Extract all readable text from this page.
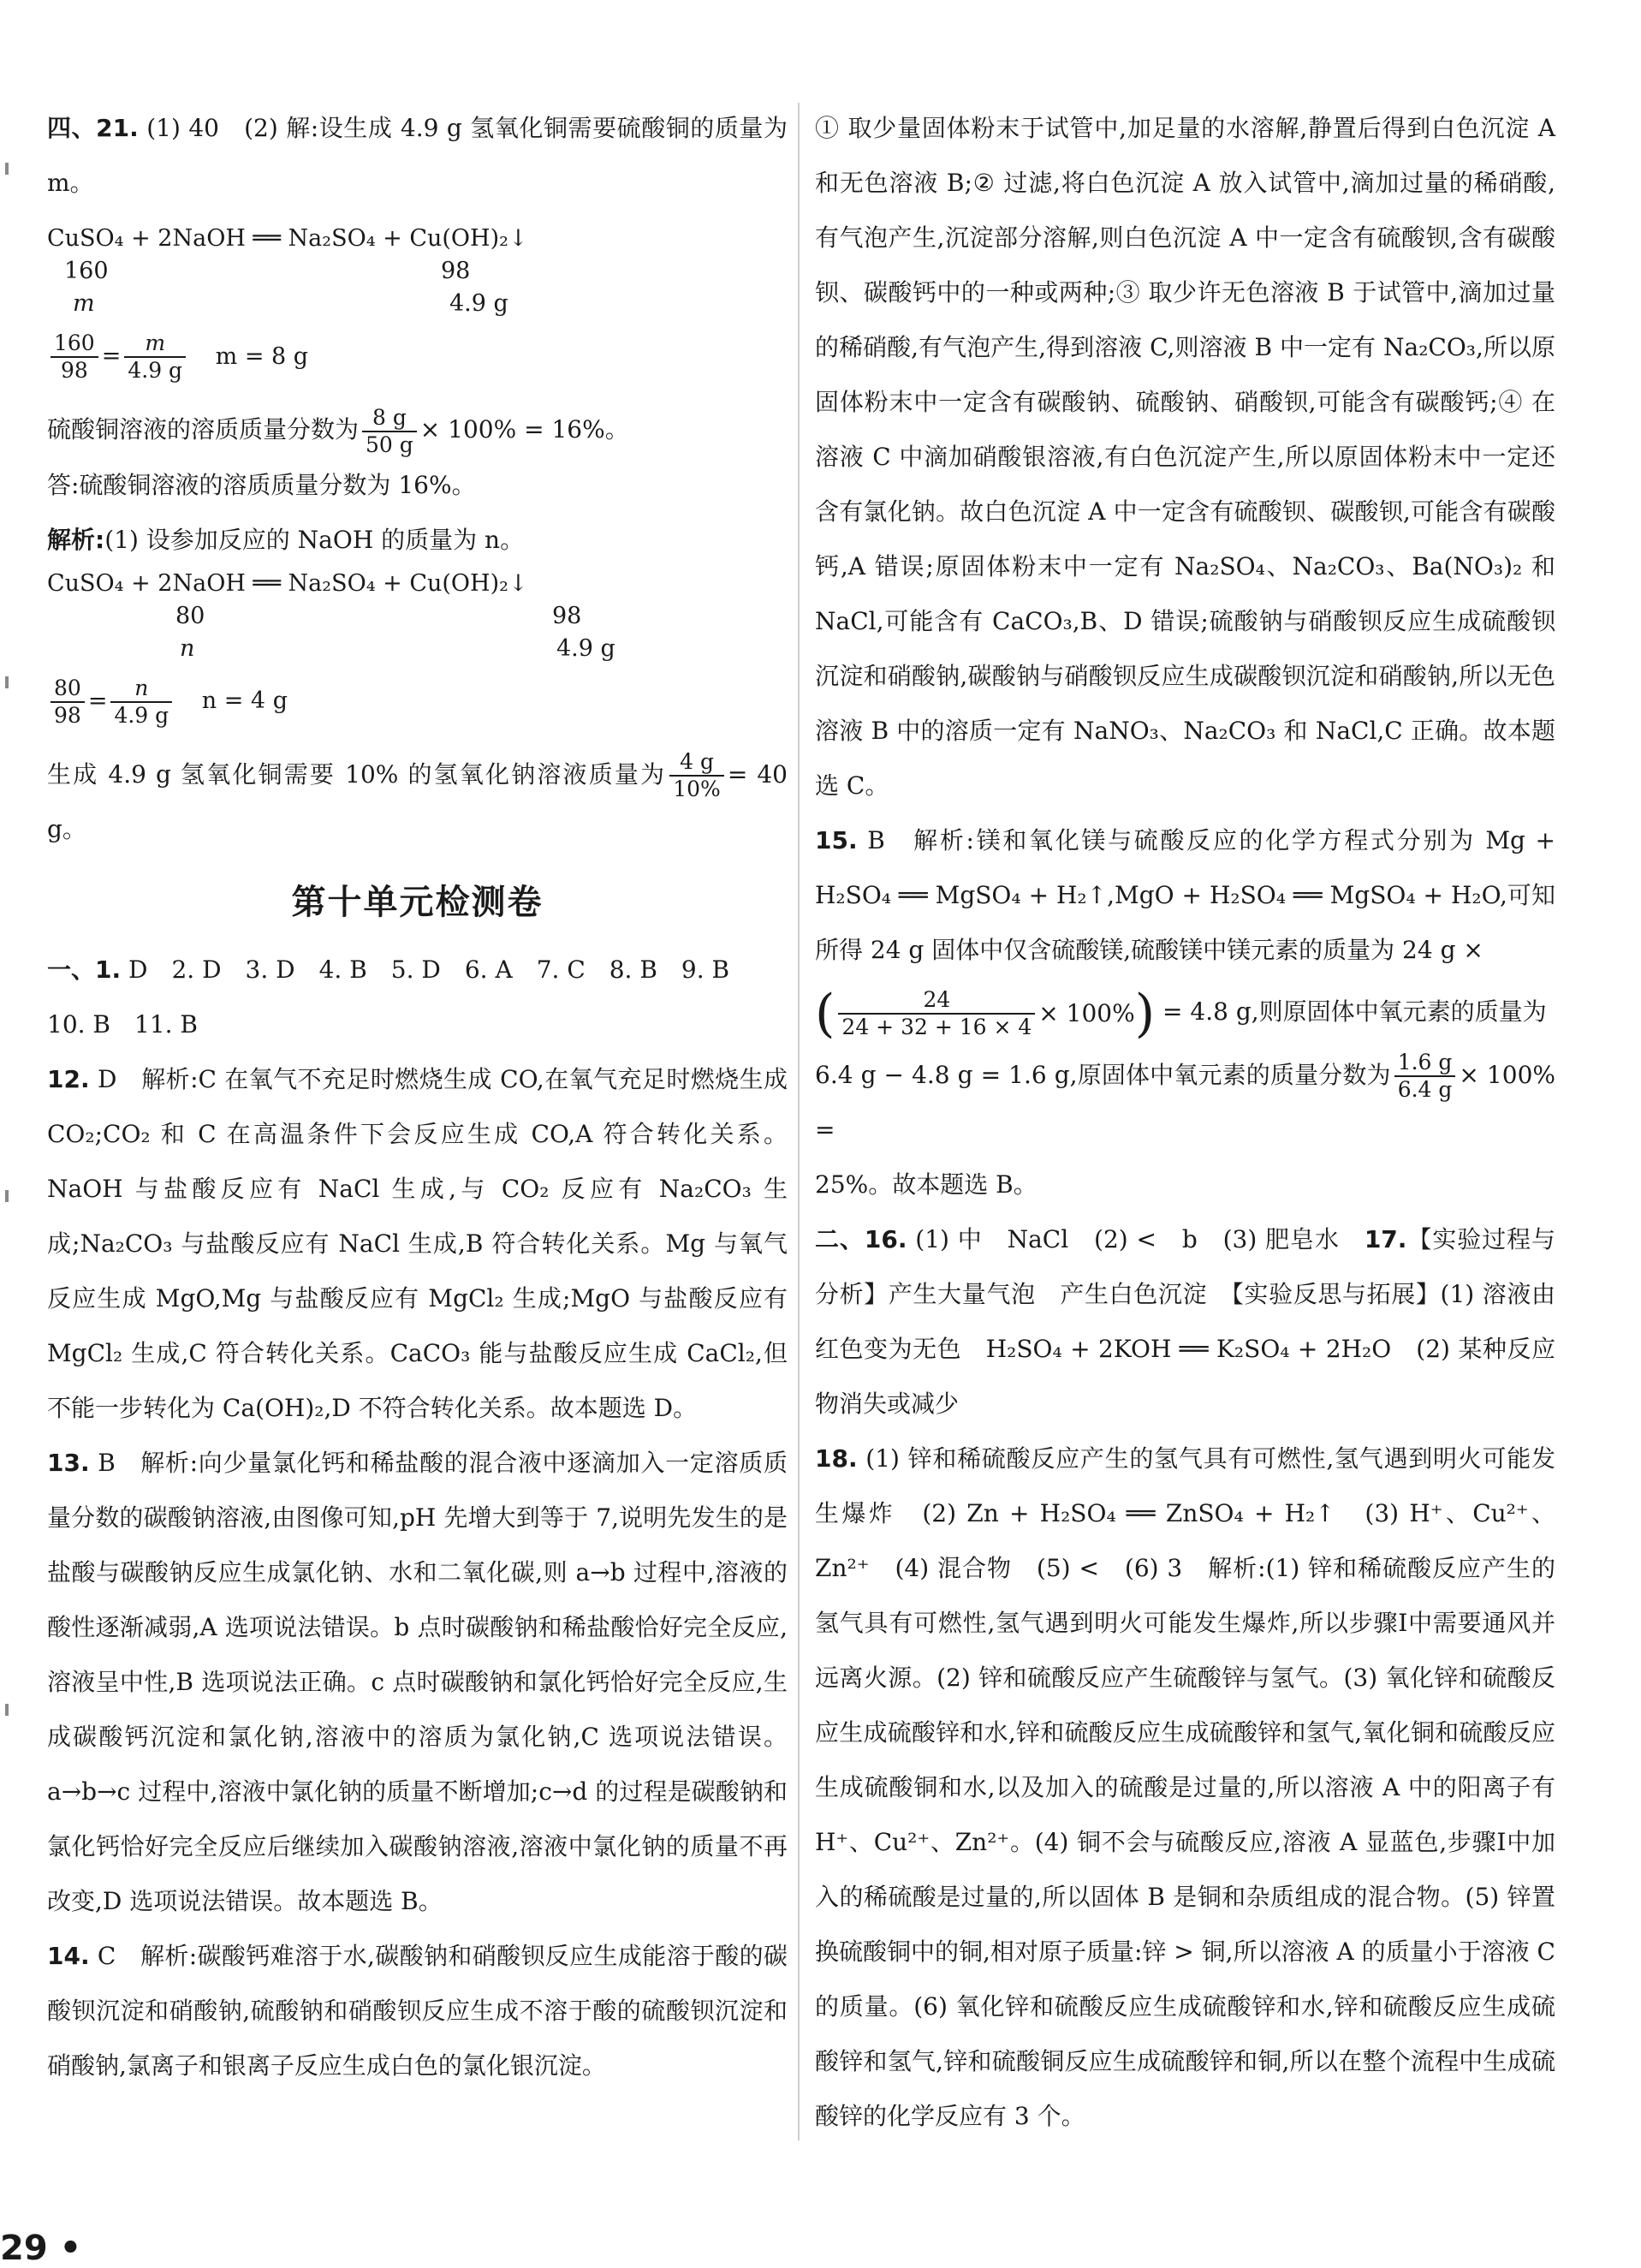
四、21. (1) 40　(2) 解:设生成 4.9 g 氢氧化铜需要硫酸铜的质量为 m。

CuSO₄ + 2NaOH ══ Na₂SO₄ + Cu(OH)₂↓
160	98
m	4.9 g
$\frac{160}{98} = \frac{m}{4.9 g}$ m = 8 g

硫酸铜溶液的溶质质量分数为 $\frac{8 g}{50 g} \times 100\% = 16\%$。

答:硫酸铜溶液的溶质质量分数为 16%。

解析:(1) 设参加反应的 NaOH 的质量为 n。

CuSO₄ + 2NaOH ══ Na₂SO₄ + Cu(OH)₂↓
80	98
n	4.9 g
$\frac{80}{98} = \frac{n}{4.9 g}$ n = 4 g

生成 4.9 g 氢氧化铜需要 10% 的氢氧化钠溶液质量为 $\frac{4 g}{10\%} = 40$ g。

第十单元检测卷

一、1. D　2. D　3. D　4. B　5. D　6. A　7. C　8. B　9. B

10. B　11. B

12. D　解析:C 在氧气不充足时燃烧生成 CO,在氧气充足时燃烧生成 CO₂;CO₂ 和 C 在高温条件下会反应生成 CO,A 符合转化关系。NaOH 与盐酸反应有 NaCl 生成,与 CO₂ 反应有 Na₂CO₃ 生成;Na₂CO₃ 与盐酸反应有 NaCl 生成,B 符合转化关系。Mg 与氧气反应生成 MgO,Mg 与盐酸反应有 MgCl₂ 生成;MgO 与盐酸反应有 MgCl₂ 生成,C 符合转化关系。CaCO₃ 能与盐酸反应生成 CaCl₂,但不能一步转化为 Ca(OH)₂,D 不符合转化关系。故本题选 D。

13. B　解析:向少量氯化钙和稀盐酸的混合液中逐滴加入一定溶质质量分数的碳酸钠溶液,由图像可知,pH 先增大到等于 7,说明先发生的是盐酸与碳酸钠反应生成氯化钠、水和二氧化碳,则 a→b 过程中,溶液的酸性逐渐减弱,A 选项说法错误。b 点时碳酸钠和稀盐酸恰好完全反应,溶液呈中性,B 选项说法正确。c 点时碳酸钠和氯化钙恰好完全反应,生成碳酸钙沉淀和氯化钠,溶液中的溶质为氯化钠,C 选项说法错误。a→b→c 过程中,溶液中氯化钠的质量不断增加;c→d 的过程是碳酸钠和氯化钙恰好完全反应后继续加入碳酸钠溶液,溶液中氯化钠的质量不再改变,D 选项说法错误。故本题选 B。

14. C　解析:碳酸钙难溶于水,碳酸钠和硝酸钡反应生成能溶于酸的碳酸钡沉淀和硝酸钠,硫酸钠和硝酸钡反应生成不溶于酸的硫酸钡沉淀和硝酸钠,氯离子和银离子反应生成白色的氯化银沉淀。

① 取少量固体粉末于试管中,加足量的水溶解,静置后得到白色沉淀 A 和无色溶液 B;② 过滤,将白色沉淀 A 放入试管中,滴加过量的稀硝酸,有气泡产生,沉淀部分溶解,则白色沉淀 A 中一定含有硫酸钡,含有碳酸钡、碳酸钙中的一种或两种;③ 取少许无色溶液 B 于试管中,滴加过量的稀硝酸,有气泡产生,得到溶液 C,则溶液 B 中一定有 Na₂CO₃,所以原固体粉末中一定含有碳酸钠、硫酸钠、硝酸钡,可能含有碳酸钙;④ 在溶液 C 中滴加硝酸银溶液,有白色沉淀产生,所以原固体粉末中一定还含有氯化钠。故白色沉淀 A 中一定含有硫酸钡、碳酸钡,可能含有碳酸钙,A 错误;原固体粉末中一定有 Na₂SO₄、Na₂CO₃、Ba(NO₃)₂ 和 NaCl,可能含有 CaCO₃,B、D 错误;硫酸钠与硝酸钡反应生成硫酸钡沉淀和硝酸钠,碳酸钠与硝酸钡反应生成碳酸钡沉淀和硝酸钠,所以无色溶液 B 中的溶质一定有 NaNO₃、Na₂CO₃ 和 NaCl,C 正确。故本题选 C。

15. B　解析:镁和氧化镁与硫酸反应的化学方程式分别为 Mg + H₂SO₄ ══ MgSO₄ + H₂↑,MgO + H₂SO₄ ══ MgSO₄ + H₂O,可知所得 24 g 固体中仅含硫酸镁,硫酸镁中镁元素的质量为 24 g ×

( $\frac{24}{24 + 32 + 16 \times 4} \times 100\%$ ) = 4.8 g,则原固体中氧元素的质量为

6.4 g − 4.8 g = 1.6 g,原固体中氧元素的质量分数为 $\frac{1.6 g}{6.4 g} \times 100\%$ =

25%。故本题选 B。

二、16. (1) 中　NaCl　(2) <　b　(3) 肥皂水　 17.【实验过程与分析】产生大量气泡　产生白色沉淀　【实验反思与拓展】(1) 溶液由红色变为无色　H₂SO₄ + 2KOH ══ K₂SO₄ + 2H₂O　(2) 某种反应物消失或减少

18. (1) 锌和稀硫酸反应产生的氢气具有可燃性,氢气遇到明火可能发生爆炸　(2) Zn + H₂SO₄ ══ ZnSO₄ + H₂↑　(3) H⁺、Cu²⁺、Zn²⁺　(4) 混合物　(5) <　(6) 3　解析:(1) 锌和稀硫酸反应产生的氢气具有可燃性,氢气遇到明火可能发生爆炸,所以步骤Ⅰ中需要通风并远离火源。(2) 锌和硫酸反应产生硫酸锌与氢气。(3) 氧化锌和硫酸反应生成硫酸锌和水,锌和硫酸反应生成硫酸锌和氢气,氧化铜和硫酸反应生成硫酸铜和水,以及加入的硫酸是过量的,所以溶液 A 中的阳离子有 H⁺、Cu²⁺、Zn²⁺。(4) 铜不会与硫酸反应,溶液 A 显蓝色,步骤Ⅰ中加入的稀硫酸是过量的,所以固体 B 是铜和杂质组成的混合物。(5) 锌置换硫酸铜中的铜,相对原子质量:锌 > 铜,所以溶液 A 的质量小于溶液 C 的质量。(6) 氧化锌和硫酸反应生成硫酸锌和水,锌和硫酸反应生成硫酸锌和氢气,锌和硫酸铜反应生成硫酸锌和铜,所以在整个流程中生成硫酸锌的化学反应有 3 个。

29 •
